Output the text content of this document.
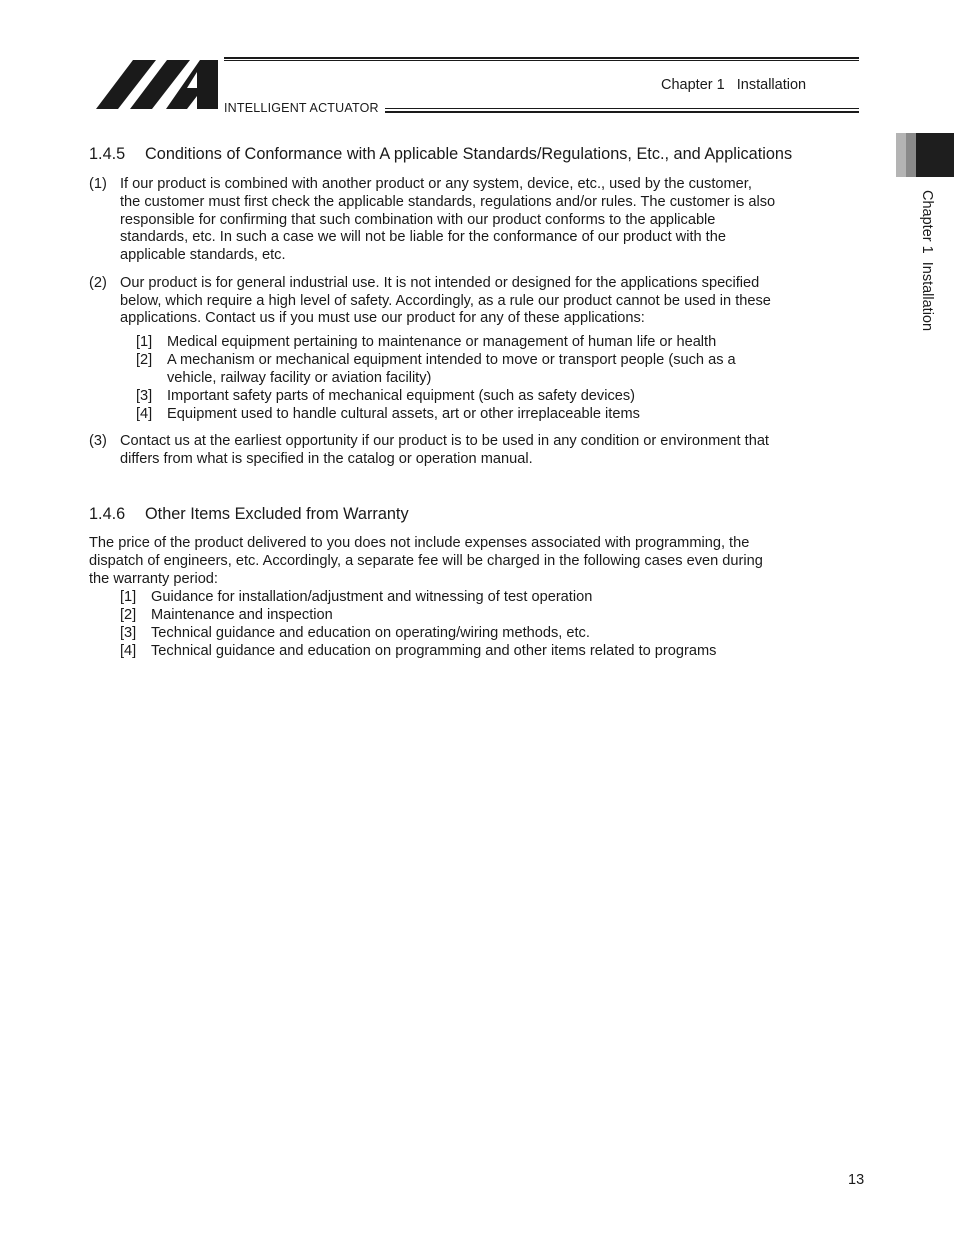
INTELLIGENT ACTUATOR
Chapter 1   Installation
Chapter 1  Installation
1.4.5 Conditions of Conformance with A pplicable Standards/Regulations, Etc., and Applications
(1) If our product is combined with another product or any system, device, etc., used by the customer,
the customer must first check the applicable standards, regulations and/or rules. The customer is also
responsible for confirming that such combination with our product conforms to the applicable
standards, etc. In such a case we will not be liable for the conformance of our product with the
applicable standards, etc.
(2) Our product is for general industrial use. It is not intended or designed for the applications specified
below, which require a high level of safety. Accordingly, as a rule our product cannot be used in these
applications. Contact us if you must use our product for any of these applications:
[1] Medical equipment pertaining to maintenance or management of human life or health
[2] A mechanism or mechanical equipment intended to move or transport people (such as a
vehicle, railway facility or aviation facility)
[3] Important safety parts of mechanical equipment (such as safety devices)
[4] Equipment used to handle cultural assets, art or other irreplaceable items
(3) Contact us at the earliest opportunity if our product is to be used in any condition or environment that
differs from what is specified in the catalog or operation manual.
1.4.6 Other Items Excluded from Warranty
The price of the product delivered to you does not include expenses associated with programming, the
dispatch of engineers, etc. Accordingly, a separate fee will be charged in the following cases even during
the warranty period:
[1] Guidance for installation/adjustment and witnessing of test operation
[2] Maintenance and inspection
[3] Technical guidance and education on operating/wiring methods, etc.
[4] Technical guidance and education on programming and other items related to programs
13
